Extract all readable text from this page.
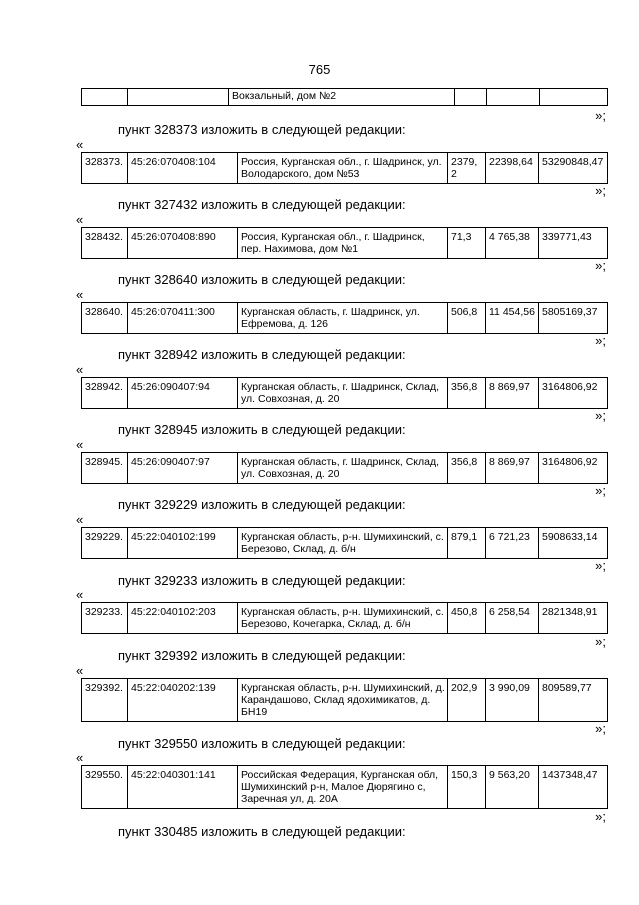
765
		Вокзальный, дом №2			
»;
пункт 328373 изложить в следующей редакции:
«
328373.	45:26:070408:104	Россия, Курганская обл., г. Шадринск, ул. Володарского, дом №53	2379,2	22398,64	53290848,47
»;
пункт 327432 изложить в следующей редакции:
«
328432.	45:26:070408:890	Россия, Курганская обл., г. Шадринск, пер. Нахимова, дом №1	71,3	4 765,38	339771,43
»;
пункт 328640 изложить в следующей редакции:
«
328640.	45:26:070411:300	Курганская область, г. Шадринск, ул. Ефремова, д. 126	506,8	11 454,56	5805169,37
»;
пункт 328942 изложить в следующей редакции:
«
328942.	45:26:090407:94	Курганская область, г. Шадринск, Склад, ул. Совхозная, д. 20	356,8	8 869,97	3164806,92
»;
пункт 328945 изложить в следующей редакции:
«
328945.	45:26:090407:97	Курганская область, г. Шадринск, Склад, ул. Совхозная, д. 20	356,8	8 869,97	3164806,92
»;
пункт 329229 изложить в следующей редакции:
«
329229.	45:22:040102:199	Курганская область, р-н. Шумихинский, с. Березово, Склад, д. б/н	879,1	6 721,23	5908633,14
»;
пункт 329233 изложить в следующей редакции:
«
329233.	45:22:040102:203	Курганская область, р-н. Шумихинский, с. Березово, Кочегарка, Склад, д. б/н	450,8	6 258,54	2821348,91
»;
пункт 329392 изложить в следующей редакции:
«
329392.	45:22:040202:139	Курганская область, р-н. Шумихинский, д. Карандашово, Склад ядохимикатов, д. БН19	202,9	3 990,09	809589,77
»;
пункт 329550 изложить в следующей редакции:
«
329550.	45:22:040301:141	Российская Федерация, Курганская обл, Шумихинский р-н, Малое Дюрягино с, Заречная ул, д. 20А	150,3	9 563,20	1437348,47
»;
пункт 330485 изложить в следующей редакции:
